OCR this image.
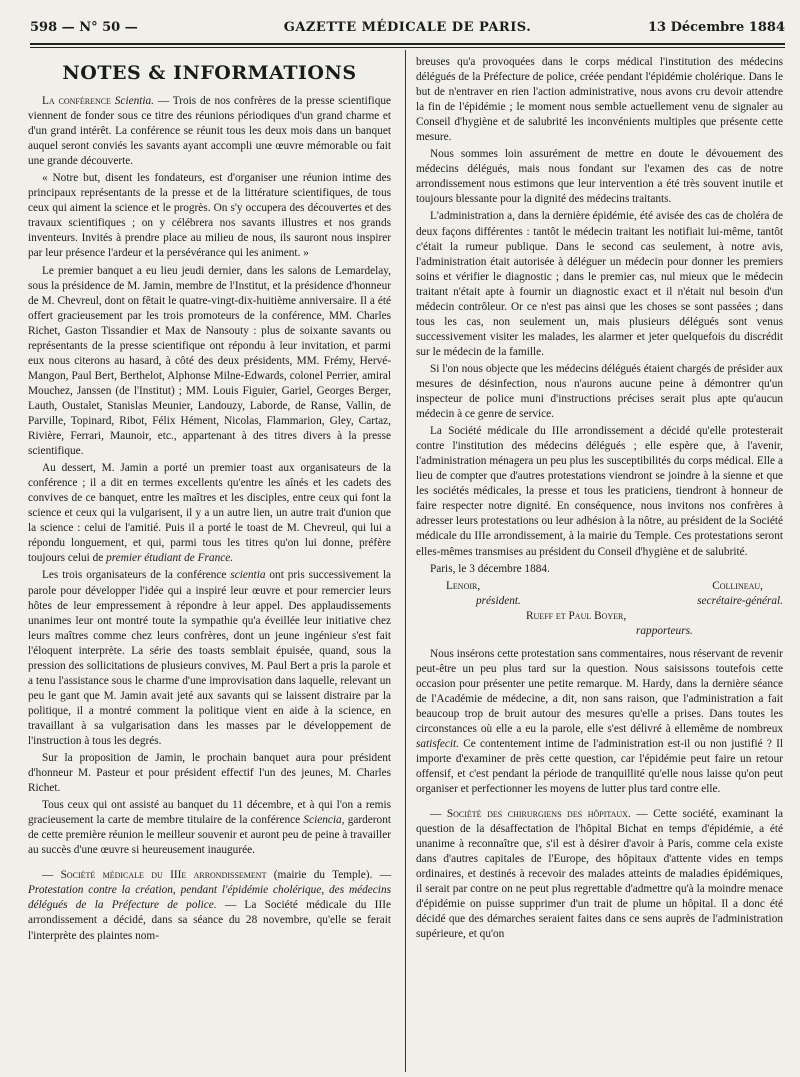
598 — N° 50 —	GAZETTE MÉDICALE DE PARIS.	13 Décembre 1884
NOTES & INFORMATIONS

La conférence Scientia. — Trois de nos confrères de la presse scientifique viennent de fonder sous ce titre des réunions périodiques d'un grand charme et d'un grand intérêt. La conférence se réunit tous les deux mois dans un banquet auquel seront conviés les savants ayant accompli une œuvre mémorable ou fait une grande découverte.

« Notre but, disent les fondateurs, est d'organiser une réunion intime des principaux représentants de la presse et de la littérature scientifiques, de tous ceux qui aiment la science et le progrès. On s'y occupera des découvertes et des travaux scientifiques ; on y célébrera nos savants illustres et nos grands inventeurs. Invités à prendre place au milieu de nous, ils sauront nous inspirer par leur présence l'ardeur et la persévérance qui les animent. »

Le premier banquet a eu lieu jeudi dernier, dans les salons de Lemardelay, sous la présidence de M. Jamin, membre de l'Institut, et la présidence d'honneur de M. Chevreul, dont on fêtait le quatre-vingt-dix-huitième anniversaire. Il a été offert gracieusement par les trois promoteurs de la conférence, MM. Charles Richet, Gaston Tissandier et Max de Nansouty : plus de soixante savants ou représentants de la presse scientifique ont répondu à leur invitation, et parmi eux nous citerons au hasard, à côté des deux présidents, MM. Frémy, Hervé-Mangon, Paul Bert, Berthelot, Alphonse Milne-Edwards, colonel Perrier, amiral Mouchez, Janssen (de l'Institut) ; MM. Louis Figuier, Gariel, Georges Berger, Lauth, Oustalet, Stanislas Meunier, Landouzy, Laborde, de Ranse, Vallin, de Parville, Topinard, Ribot, Félix Hément, Nicolas, Flammarion, Gley, Cartaz, Rivière, Ferrari, Maunoir, etc., appartenant à des titres divers à la presse scientifique.

Au dessert, M. Jamin a porté un premier toast aux organisateurs de la conférence ; il a dit en termes excellents qu'entre les aînés et les cadets des convives de ce banquet, entre les maîtres et les disciples, entre ceux qui font la science et ceux qui la vulgarisent, il y a un autre lien, un autre trait d'union que la science : celui de l'amitié. Puis il a porté le toast de M. Chevreul, qui lui a répondu longuement, et qui, parmi tous les titres qu'on lui donne, préfère toujours celui de premier étudiant de France.

Les trois organisateurs de la conférence scientia ont pris successivement la parole pour développer l'idée qui a inspiré leur œuvre et pour remercier leurs hôtes de leur empressement à répondre à leur appel. Des applaudissements unanimes leur ont montré toute la sympathie qu'a éveillée leur initiative chez leurs maîtres comme chez leurs confrères, dont un jeune ingénieur s'est fait l'éloquent interprète. La série des toasts semblait épuisée, quand, sous la pression des sollicitations de plusieurs convives, M. Paul Bert a pris la parole et a tenu l'assistance sous le charme d'une improvisation dans laquelle, relevant un peu le gant que M. Jamin avait jeté aux savants qui se laissent distraire par la politique, il a montré comment la politique vient en aide à la science, en travaillant à sa vulgarisation dans les masses par le développement de l'instruction à tous les degrés.

Sur la proposition de Jamin, le prochain banquet aura pour président d'honneur M. Pasteur et pour président effectif l'un des jeunes, M. Charles Richet.

Tous ceux qui ont assisté au banquet du 11 décembre, et à qui l'on a remis gracieusement la carte de membre titulaire de la conférence Sciencia, garderont de cette première réunion le meilleur souvenir et auront peu de peine à travailler au succès d'une œuvre si heureusement inaugurée.

— Société médicale du IIIe arrondissement (mairie du Temple). — Protestation contre la création, pendant l'épidémie cholérique, des médecins délégués de la Préfecture de police. — La Société médicale du IIIe arrondissement a décidé, dans sa séance du 28 novembre, qu'elle se ferait l'interprète des plaintes nom-

breuses qu'a provoquées dans le corps médical l'institution des médecins délégués de la Préfecture de police, créée pendant l'épidémie cholérique. Dans le but de n'entraver en rien l'action administrative, nous avons cru devoir attendre la fin de l'épidémie ; le moment nous semble actuellement venu de signaler au Conseil d'hygiène et de salubrité les inconvénients multiples que présente cette mesure.

Nous sommes loin assurément de mettre en doute le dévouement des médecins délégués, mais nous fondant sur l'examen des cas de notre arrondissement nous estimons que leur intervention a été très souvent inutile et toujours blessante pour la dignité des médecins traitants.

L'administration a, dans la dernière épidémie, été avisée des cas de choléra de deux façons différentes : tantôt le médecin traitant les notifiait lui-même, tantôt c'était la rumeur publique. Dans le second cas seulement, à notre avis, l'administration était autorisée à déléguer un médecin pour donner les premiers soins et vérifier le diagnostic ; dans le premier cas, nul mieux que le médecin traitant n'était apte à fournir un diagnostic exact et il n'était nul besoin d'un médecin contrôleur. Or ce n'est pas ainsi que les choses se sont passées ; dans tous les cas, non seulement un, mais plusieurs délégués sont venus successivement visiter les malades, les alarmer et jeter quelquefois du discrédit sur le médecin de la famille.

Si l'on nous objecte que les médecins délégués étaient chargés de présider aux mesures de désinfection, nous n'aurons aucune peine à démontrer qu'un inspecteur de police muni d'instructions précises serait plus apte qu'aucun médecin à ce genre de service.

La Société médicale du IIIe arrondissement a décidé qu'elle protesterait contre l'institution des médecins délégués ; elle espère que, à l'avenir, l'administration ménagera un peu plus les susceptibilités du corps médical. Elle a lieu de compter que d'autres protestations viendront se joindre à la sienne et que les sociétés médicales, la presse et tous les praticiens, tiendront à honneur de faire respecter notre dignité. En conséquence, nous invitons nos confrères à adresser leurs protestations ou leur adhésion à la nôtre, au président de la Société médicale du IIIe arrondissement, à la mairie du Temple. Ces protestations seront elles-mêmes transmises au président du Conseil d'hygiène et de salubrité.

Paris, le 3 décembre 1884.

Lenoir,	Collineau,
président.	secrétaire-général.
Rueff et Paul Boyer,
rapporteurs.

Nous insérons cette protestation sans commentaires, nous réservant de revenir peut-être un peu plus tard sur la question. Nous saisissons toutefois cette occasion pour présenter une petite remarque. M. Hardy, dans la dernière séance de l'Académie de médecine, a dit, non sans raison, que l'administration a fait beaucoup trop de bruit autour des mesures qu'elle a prises. Dans toutes les circonstances où elle a eu la parole, elle s'est délivré à ellemême de nombreux satisfecit. Ce contentement intime de l'administration est-il ou non justifié ? Il importe d'examiner de près cette question, car l'épidémie peut faire un retour offensif, et c'est pendant la période de tranquillité qu'elle nous laisse qu'on peut organiser et perfectionner les moyens de lutter plus tard contre elle.

— Société des chirurgiens des hôpitaux. — Cette société, examinant la question de la désaffectation de l'hôpital Bichat en temps d'épidémie, a été unanime à reconnaître que, s'il est à désirer d'avoir à Paris, comme cela existe dans d'autres capitales de l'Europe, des hôpitaux d'attente vides en temps ordinaires, et destinés à recevoir des malades atteints de maladies épidémiques, il serait par contre on ne peut plus regrettable d'admettre qu'à la moindre menace d'épidémie on puisse supprimer d'un trait de plume un hôpital. Il a donc été décidé que des démarches seraient faites dans ce sens auprès de l'administration supérieure, et qu'on
